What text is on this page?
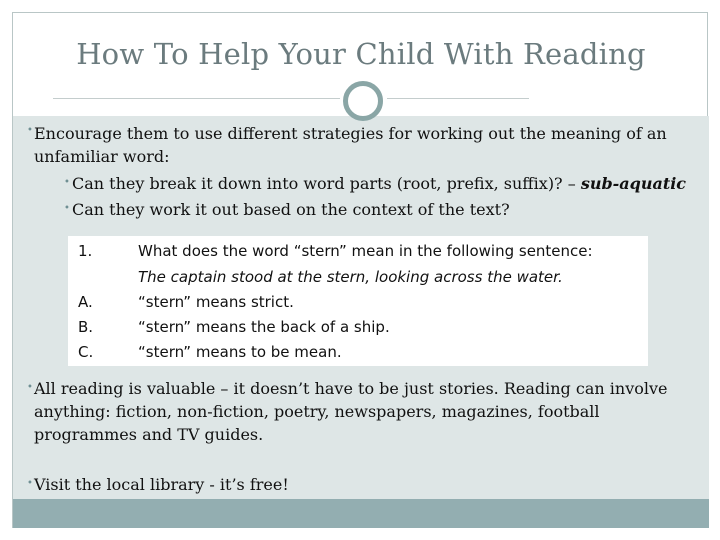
How To Help Your Child With Reading
• Encourage them to use different strategies for working out the meaning of an unfamiliar word:
• Can they break it down into word parts (root, prefix, suffix)? – sub-aquatic
• Can they work it out based on the context of the text?
1.	What does the word “stern” mean in the following sentence:
The captain stood at the stern, looking across the water.
A.	“stern” means strict.
B.	“stern” means the back of a ship.
C.	“stern” means to be mean.
• All reading is valuable – it doesn’t have to be just stories. Reading can involve anything: fiction, non-fiction, poetry, newspapers, magazines, football programmes and TV guides.
• Visit the local library - it’s free!
